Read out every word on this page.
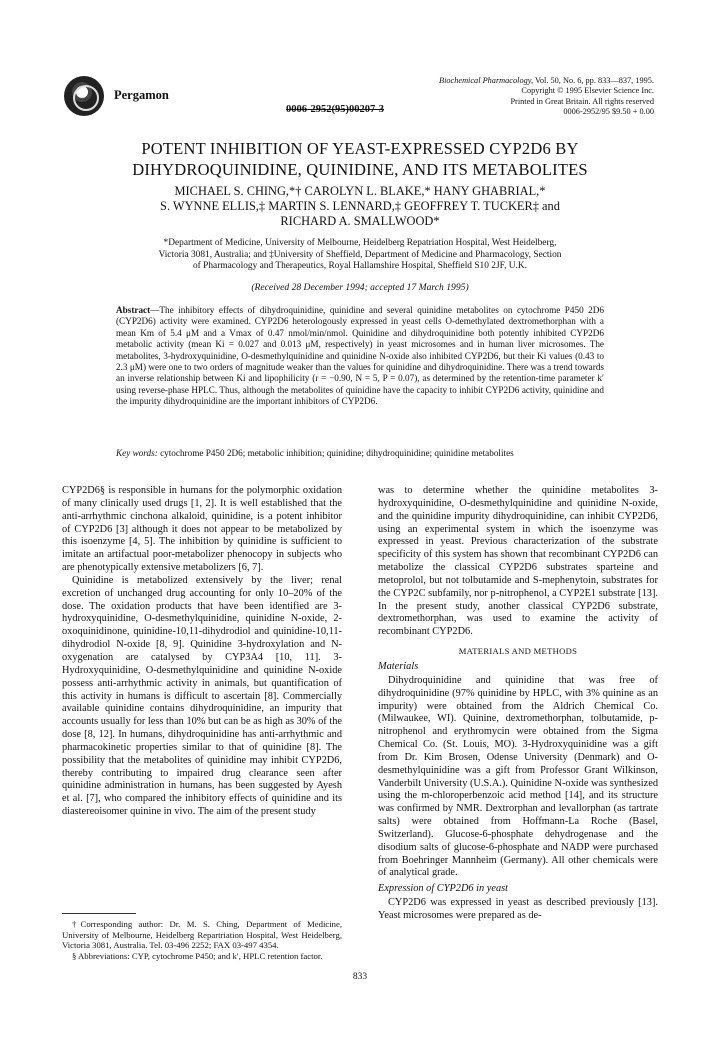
Pergamon
0006-2952(95)00207-3
Biochemical Pharmacology, Vol. 50, No. 6, pp. 833—837, 1995.
Copyright © 1995 Elsevier Science Inc.
Printed in Great Britain. All rights reserved
0006-2952/95 $9.50 + 0.00
POTENT INHIBITION OF YEAST-EXPRESSED CYP2D6 BY
DIHYDROQUINIDINE, QUINIDINE, AND ITS METABOLITES
MICHAEL S. CHING,*† CAROLYN L. BLAKE,* HANY GHABRIAL,*
S. WYNNE ELLIS,‡ MARTIN S. LENNARD,‡ GEOFFREY T. TUCKER‡ and
RICHARD A. SMALLWOOD*
*Department of Medicine, University of Melbourne, Heidelberg Repatriation Hospital, West Heidelberg,
Victoria 3081, Australia; and ‡University of Sheffield, Department of Medicine and Pharmacology, Section
of Pharmacology and Therapeutics, Royal Hallamshire Hospital, Sheffield S10 2JF, U.K.
(Received 28 December 1994; accepted 17 March 1995)
Abstract—The inhibitory effects of dihydroquinidine, quinidine and several quinidine metabolites on cytochrome P450 2D6 (CYP2D6) activity were examined. CYP2D6 heterologously expressed in yeast cells O-demethylated dextromethorphan with a mean Km of 5.4 μM and a Vmax of 0.47 nmol/min/nmol. Quinidine and dihydroquinidine both potently inhibited CYP2D6 metabolic activity (mean Ki = 0.027 and 0.013 μM, respectively) in yeast microsomes and in human liver microsomes. The metabolites, 3-hydroxyquinidine, O-desmethylquinidine and quinidine N-oxide also inhibited CYP2D6, but their Ki values (0.43 to 2.3 μM) were one to two orders of magnitude weaker than the values for quinidine and dihydroquinidine. There was a trend towards an inverse relationship between Ki and lipophilicity (r = −0.90, N = 5, P = 0.07), as determined by the retention-time parameter k′ using reverse-phase HPLC. Thus, although the metabolites of quinidine have the capacity to inhibit CYP2D6 activity, quinidine and the impurity dihydroquinidine are the important inhibitors of CYP2D6.
Key words: cytochrome P450 2D6; metabolic inhibition; quinidine; dihydroquinidine; quinidine metabolites

CYP2D6§ is responsible in humans for the polymorphic oxidation of many clinically used drugs [1, 2]. It is well established that the anti-arrhythmic cinchona alkaloid, quinidine, is a potent inhibitor of CYP2D6 [3] although it does not appear to be metabolized by this isoenzyme [4, 5]. The inhibition by quinidine is sufficient to imitate an artifactual poor-metabolizer phenocopy in subjects who are phenotypically extensive metabolizers [6, 7].

Quinidine is metabolized extensively by the liver; renal excretion of unchanged drug accounting for only 10–20% of the dose. The oxidation products that have been identified are 3-hydroxyquinidine, O-desmethylquinidine, quinidine N-oxide, 2-oxoquinidinone, quinidine-10,11-dihydrodiol and quinidine-10,11-dihydrodiol N-oxide [8, 9]. Quinidine 3-hydroxylation and N-oxygenation are catalysed by CYP3A4 [10, 11]. 3-Hydroxyquinidine, O-desmethylquinidine and quinidine N-oxide possess anti-arrhythmic activity in animals, but quantification of this activity in humans is difficult to ascertain [8]. Commercially available quinidine contains dihydroquinidine, an impurity that accounts usually for less than 10% but can be as high as 30% of the dose [8, 12]. In humans, dihydroquinidine has anti-arrhythmic and pharmacokinetic properties similar to that of quinidine [8]. The possibility that the metabolites of quinidine may inhibit CYP2D6, thereby contributing to impaired drug clearance seen after quinidine administration in humans, has been suggested by Ayesh et al. [7], who compared the inhibitory effects of quinidine and its diastereoisomer quinine in vivo. The aim of the present study

†Corresponding author: Dr. M. S. Ching, Department of Medicine, University of Melbourne, Heidelberg Repartriation Hospital, West Heidelberg, Victoria 3081, Australia. Tel. 03-496 2252; FAX 03-497 4354.

§ Abbreviations: CYP, cytochrome P450; and k′, HPLC retention factor.

was to determine whether the quinidine metabolites 3-hydroxyquinidine, O-desmethylquinidine and quinidine N-oxide, and the quinidine impurity dihydroquinidine, can inhibit CYP2D6, using an experimental system in which the isoenzyme was expressed in yeast. Previous characterization of the substrate specificity of this system has shown that recombinant CYP2D6 can metabolize the classical CYP2D6 substrates sparteine and metoprolol, but not tolbutamide and S-mephenytoin, substrates for the CYP2C subfamily, nor p-nitrophenol, a CYP2E1 substrate [13]. In the present study, another classical CYP2D6 substrate, dextromethorphan, was used to examine the activity of recombinant CYP2D6.

MATERIALS AND METHODS
Materials

Dihydroquinidine and quinidine that was free of dihydroquinidine (97% quinidine by HPLC, with 3% quinine as an impurity) were obtained from the Aldrich Chemical Co. (Milwaukee, WI). Quinine, dextromethorphan, tolbutamide, p-nitrophenol and erythromycin were obtained from the Sigma Chemical Co. (St. Louis, MO). 3-Hydroxyquinidine was a gift from Dr. Kim Brosen, Odense University (Denmark) and O-desmethylquinidine was a gift from Professor Grant Wilkinson, Vanderbilt University (U.S.A.). Quinidine N-oxide was synthesized using the m-chloroperbenzoic acid method [14], and its structure was confirmed by NMR. Dextrorphan and levallorphan (as tartrate salts) were obtained from Hoffmann-La Roche (Basel, Switzerland). Glucose-6-phosphate dehydrogenase and the disodium salts of glucose-6-phosphate and NADP were purchased from Boehringer Mannheim (Germany). All other chemicals were of analytical grade.

Expression of CYP2D6 in yeast

CYP2D6 was expressed in yeast as described previously [13]. Yeast microsomes were prepared as de-

833
